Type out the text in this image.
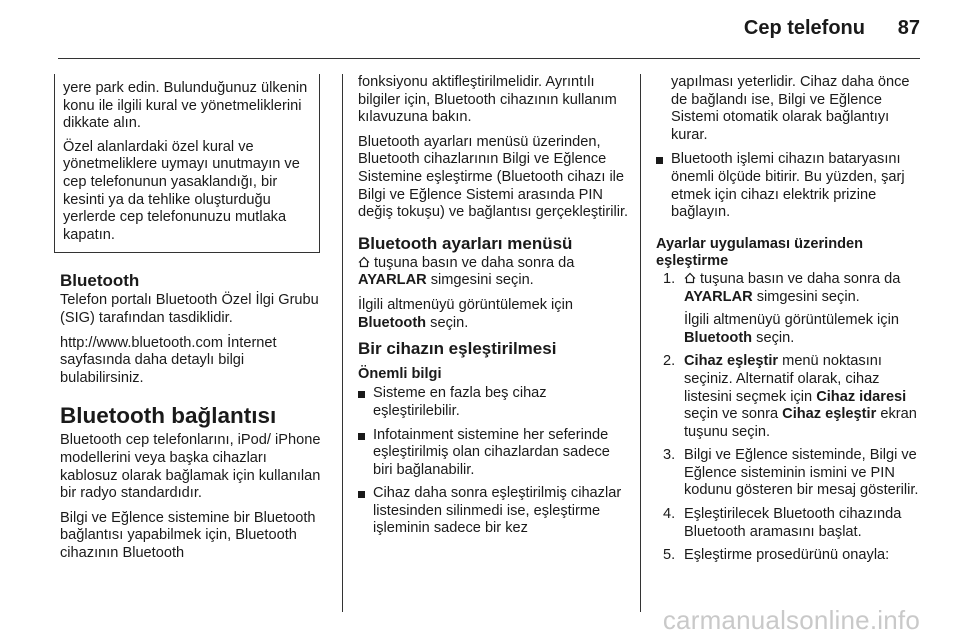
Cep telefonu 87

yere park edin. Bulunduğunuz ülkenin konu ile ilgili kural ve yönetmeliklerini dikkate alın.

Özel alanlardaki özel kural ve yönetmeliklere uymayı unutmayın ve cep telefonunun yasaklandığı, bir kesinti ya da tehlike oluşturduğu yerlerde cep telefonunuzu mutlaka kapatın.

Bluetooth

Telefon portalı Bluetooth Özel İlgi Grubu (SIG) tarafından tasdiklidir.

http://www.bluetooth.com İnternet sayfasında daha detaylı bilgi bulabilirsiniz.

Bluetooth bağlantısı

Bluetooth cep telefonlarını, iPod/ iPhone modellerini veya başka cihazları kablosuz olarak bağlamak için kullanılan bir radyo standardıdır.

Bilgi ve Eğlence sistemine bir Bluetooth bağlantısı yapabilmek için, Bluetooth cihazının Bluetooth

fonksiyonu aktifleştirilmelidir. Ayrıntılı bilgiler için, Bluetooth cihazının kullanım kılavuzuna bakın.

Bluetooth ayarları menüsü üzerinden, Bluetooth cihazlarının Bilgi ve Eğlence Sistemine eşleştirme (Bluetooth cihazı ile Bilgi ve Eğlence Sistemi arasında PIN değiş tokuşu) ve bağlantısı gerçekleştirilir.

Bluetooth ayarları menüsü

tuşuna basın ve daha sonra da
AYARLAR simgesini seçin.

İlgili altmenüyü görüntülemek için
Bluetooth seçin.

Bir cihazın eşleştirilmesi
Önemli bilgi
Sisteme en fazla beş cihaz eşleştirilebilir.
Infotainment sistemine her seferinde eşleştirilmiş olan cihazlardan sadece biri bağlanabilir.
Cihaz daha sonra eşleştirilmiş cihazlar listesinden silinmedi ise, eşleştirme işleminin sadece bir kez

yapılması yeterlidir. Cihaz daha önce de bağlandı ise, Bilgi ve Eğlence Sistemi otomatik olarak bağlantıyı kurar.

Bluetooth işlemi cihazın bataryasını önemli ölçüde bitirir. Bu yüzden, şarj etmek için cihazı elektrik prizine bağlayın.
Ayarlar uygulaması üzerinden eşleştirme
1.	tuşuna basın ve daha sonra da AYARLAR simgesini seçin.

İlgili altmenüyü görüntülemek için Bluetooth seçin.

2. Cihaz eşleştir menü noktasını seçiniz. Alternatif olarak, cihaz listesini seçmek için Cihaz idaresi seçin ve sonra Cihaz eşleştir ekran tuşunu seçin.
3. Bilgi ve Eğlence sisteminde, Bilgi ve Eğlence sisteminin ismini ve PIN kodunu gösteren bir mesaj gösterilir.
4. Eşleştirilecek Bluetooth cihazında Bluetooth aramasını başlat.
5. Eşleştirme prosedürünü onayla:
carmanualsonline.info
